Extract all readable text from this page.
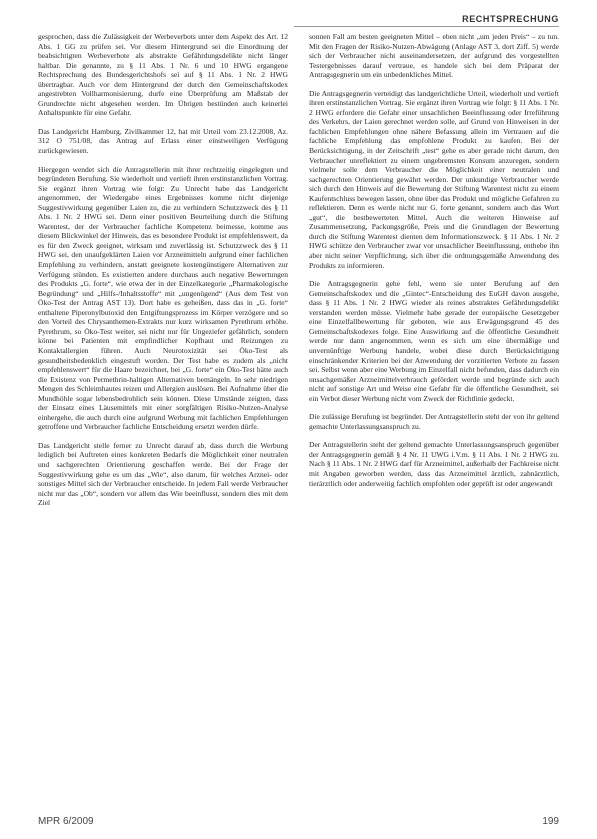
RECHTSPRECHUNG

gesprochen, dass die Zulässigkeit der Werbeverbots unter dem Aspekt des Art. 12 Abs. 1 GG zu prüfen sei. Vor diesem Hintergrund sei die Einordnung der beabsichtigten Werbeverbote als abstrakte Gefährdungsdelikte nicht länger haltbar. Die genannte, zu § 11 Abs. 1 Nr. 6 und 10 HWG ergangene Rechtsprechung des Bundesgerichtshofs sei auf § 11 Abs. 1 Nr. 2 HWG übertragbar. Auch vor dem Hintergrund der durch den Gemeinschaftskodex angestrebten Vollharmonisierung, durfe eine Überprüfung am Maßstab der Grundrechte nicht abgesehen werden. Im Übrigen bestünden auch keinerlei Anhaltspunkte für eine Gefahr.

Das Landgericht Hamburg, Zivilkammer 12, hat mit Urteil vom 23.12.2008, Az. 312 O 751/08, das Antrag auf Erlass einer einstweiligen Verfügung zurückgewiesen.

Hiergegen wendet sich die Antragstellerin mit ihrer rechtzeitig eingelegten und begründeten Berufung. Sie wiederholt und vertieft ihren erstinstanzlichen Vortrag. Sie ergänzt ihren Vortrag wie folgt: Zu Unrecht habe das Landgericht angenommen, der Wiedergabe eines Ergebnisses komme nicht diejenige Suggestivwirkung gegenüber Laien zu, die zu verhindern Schutzzweck des § 11 Abs. 1 Nr. 2 HWG sei. Denn einer positiven Beurteilung durch die Stiftung Warentest, der der Verbraucher fachliche Kompetenz beimesse, komme aus diesem Blickwinkel der Hinweis, das es besondere Produkt ist empfehlenswert, da es für den Zweck geeignet, wirksam und zuverlässig ist. Schutzzweck des § 11 HWG sei, den unaufgeklärten Laien vor Arzneimitteln aufgrund einer fachlichen Empfehlung zu verhindern, anstatt geeignete kostengünstigere Alternativen zur Verfügung stünden. Es existierten andere durchaus auch negative Bewertungen des Produkts „G. forte“, wie etwa der in der Einzelkategorie „Pharmakologische Begründung“ und „Hilfs-/Inhaltsstoffe“ mit „ungenügend“ (Aus dem Test von Öko-Test der Antrag AST 13). Dort habe es geheißen, dass das in „G. forte“ enthaltene Piperonylbutoxid den Entgiftungsprozess im Körper verzögere und so den Vorteil des Chrysanthemen-Extrakts nur kurz wirksamen Pyrethrum erhöhe. Pyrethrum, so Öko-Test weiter, sei nicht nur für Ungeziefer gefährlich, sondern könne bei Patienten mit empfindlicher Kopfhaut und Reizungen zu Kontaktallergien führen. Auch Neurotoxizität sei Öko-Test als gesundheitsbedenklich eingestuft worden. Der Test habe es zudem als „nicht empfehlenswert“ für die Haare bezeichnet, bei „G. forte“ ein Öko-Test hätte auch die Existenz von Permethrin-haltigen Alternativen bemängeln. In sehr niedrigen Mengen des Schleimhautes reizen und Allergien auslösen. Bei Aufnahme über die Mundhöhle sogar lebensbedrohlich sein können. Diese Umstände zeigten, dass der Einsatz eines Läusemittels mit einer sorgfältigen Risiko-Nutzen-Analyse einhergehe, die auch durch eine aufgrund Werbung mit fachlichen Empfehlungen getroffene und Verbraucher fachliche Entscheidung ersetzt werden dürfe.

Das Landgericht stelle ferner zu Unrecht darauf ab, dass durch die Werbung lediglich bei Auftreten eines konkreten Bedarfs die Möglichkeit einer neutralen und sachgerechten Orientierung geschaffen werde. Bei der Frage der Suggestivwirkung gehe es um das „Wie“, also darum, für welches Arznei- oder sonstiges Mittel sich der Verbraucher entscheide. In jedem Fall werde Verbraucher nicht nur das „Ob“, sondern vor allem das Wie beeinflusst, sondern dies mit dem Ziel

sonnen Fall am besten geeigneten Mittel – eben nicht „um jeden Preis“ – zu tun. Mit den Fragen der Risiko-Nutzen-Abwägung (Anlage AST 3, dort Ziff. 5) werde sich der Verbraucher nicht auseinandersetzen, der aufgrund des vorgestellten Testergebnisses darauf vertraue, es handele sich bei dem Präparat der Antragsgegnerin um ein unbedenkliches Mittel.

Die Antragsgegnerin verteidigt das landgerichtliche Urteil, wiederholt und vertieft ihren erstinstanzlichen Vortrag. Sie ergänzt ihren Vortrag wie folgt: § 11 Abs. 1 Nr. 2 HWG erfordere die Gefahr einer unsachlichen Beeinflussung oder Irreführung des Verkehrs, der Laien gerechnet werden solle, auf Grund von Hinweisen in der fachlichen Empfehlungen ohne nähere Befassung allein im Vertrauen auf die fachliche Empfehlung das empfohlene Produkt zu kaufen. Bei der Berücksichtigung, in der Zeitschrift „test“ gehe es aber gerade nicht darum, den Verbraucher unreflektiert zu einem ungebremsten Konsum anzuregen, sondern vielmehr solle dem Verbraucher die Möglichkeit einer neutralen und sachgerechten Orientierung gewährt werden. Der unkundige Verbraucher werde sich durch den Hinweis auf die Bewertung der Stiftung Warentest nicht zu einem Kaufentschluss bewegen lassen, ohne über das Produkt und mögliche Gefahren zu reflektieren. Denn es werde nicht nur G. forte genannt, sondern auch das Wort „gut“, die bestbewerteten Mittel. Auch die weiteren Hinweise auf Zusammensetzung, Packungsgröße, Preis und die Grundlagen der Bewertung durch die Stiftung Warentest dienten dem Informationszweck. § 11 Abs. 1 Nr. 2 HWG schütze den Verbraucher zwar vor unsachlicher Beeinflussung, enthebe ihn aber nicht seiner Verpflichtung, sich über die ordnungsgemäße Anwendung des Produkts zu informieren.

Die Antragsgegnerin gehe fehl, wenn sie unter Berufung auf den Gemeinschaftskodex und die „Gintec“-Entscheidung des EuGH davon ausgehe, dass § 11 Abs. 1 Nr. 2 HWG wieder als reines abstraktes Gefährdungsdelikt verstanden werden müsse. Vielmehr habe gerade der europäische Gesetzgeber eine Einzelfallbewertung für geboten, wie aus Erwägungsgrund 45 des Gemeinschaftskodexes folge. Eine Auswirkung auf die öffentliche Gesundheit werde nur dann angenommen, wenn es sich um eine übermäßige und unvernünftige Werbung handele, wobei diese durch Berücksichtigung einschränkender Kriterien bei der Anwendung der vorzitierten Verbote zu fassen sei. Selbst wenn aber eine Werbung im Einzelfall nicht befunden, dass dadurch ein unsachgemäßer Arzneimittelverbrauch gefördert werde und begründe sich auch nicht auf sonstige Art und Weise eine Gefahr für die öffentliche Gesundheit, sei ein Verbot dieser Werbung nicht vom Zweck der Richtlinie gedeckt.

Die zulässige Berufung ist begründet. Der Antragstellerin steht der von ihr geltend gemachte Unterlassungsanspruch zu.

Der Antragstellerin steht der geltend gemachte Unterlassungsanspruch gegenüber der Antragsgegnerin gemäß § 4 Nr. 11 UWG i.V.m. § 11 Abs. 1 Nr. 2 HWG zu. Nach § 11 Abs. 1 Nr. 2 HWG darf für Arzneimittel, außerhalb der Fachkreise nicht mit Angaben geworben werden, dass das Arzneimittel ärztlich, zahnärztlich, tierärztlich oder anderweitig fachlich empfohlen oder geprüft ist oder angewandt

MPR 6/2009	199
